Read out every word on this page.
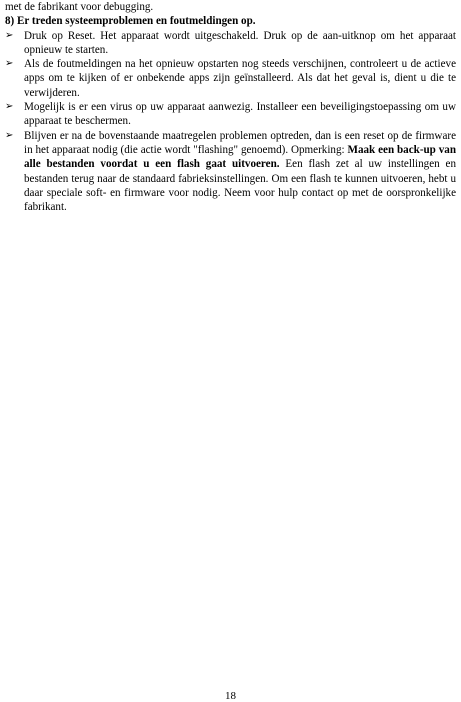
met de fabrikant voor debugging.

8) Er treden systeemproblemen en foutmeldingen op.

➢ Druk op Reset. Het apparaat wordt uitgeschakeld. Druk op de aan-uitknop om het apparaat opnieuw te starten.
➢ Als de foutmeldingen na het opnieuw opstarten nog steeds verschijnen, controleert u de actieve apps om te kijken of er onbekende apps zijn geïnstalleerd. Als dat het geval is, dient u die te verwijderen.
➢ Mogelijk is er een virus op uw apparaat aanwezig. Installeer een beveiligingstoepassing om uw apparaat te beschermen.
➢ Blijven er na de bovenstaande maatregelen problemen optreden, dan is een reset op de firmware in het apparaat nodig (die actie wordt "flashing" genoemd). Opmerking: Maak een back-up van alle bestanden voordat u een flash gaat uitvoeren. Een flash zet al uw instellingen en bestanden terug naar de standaard fabrieksinstellingen. Om een flash te kunnen uitvoeren, hebt u daar speciale soft- en firmware voor nodig. Neem voor hulp contact op met de oorspronkelijke fabrikant.
18
